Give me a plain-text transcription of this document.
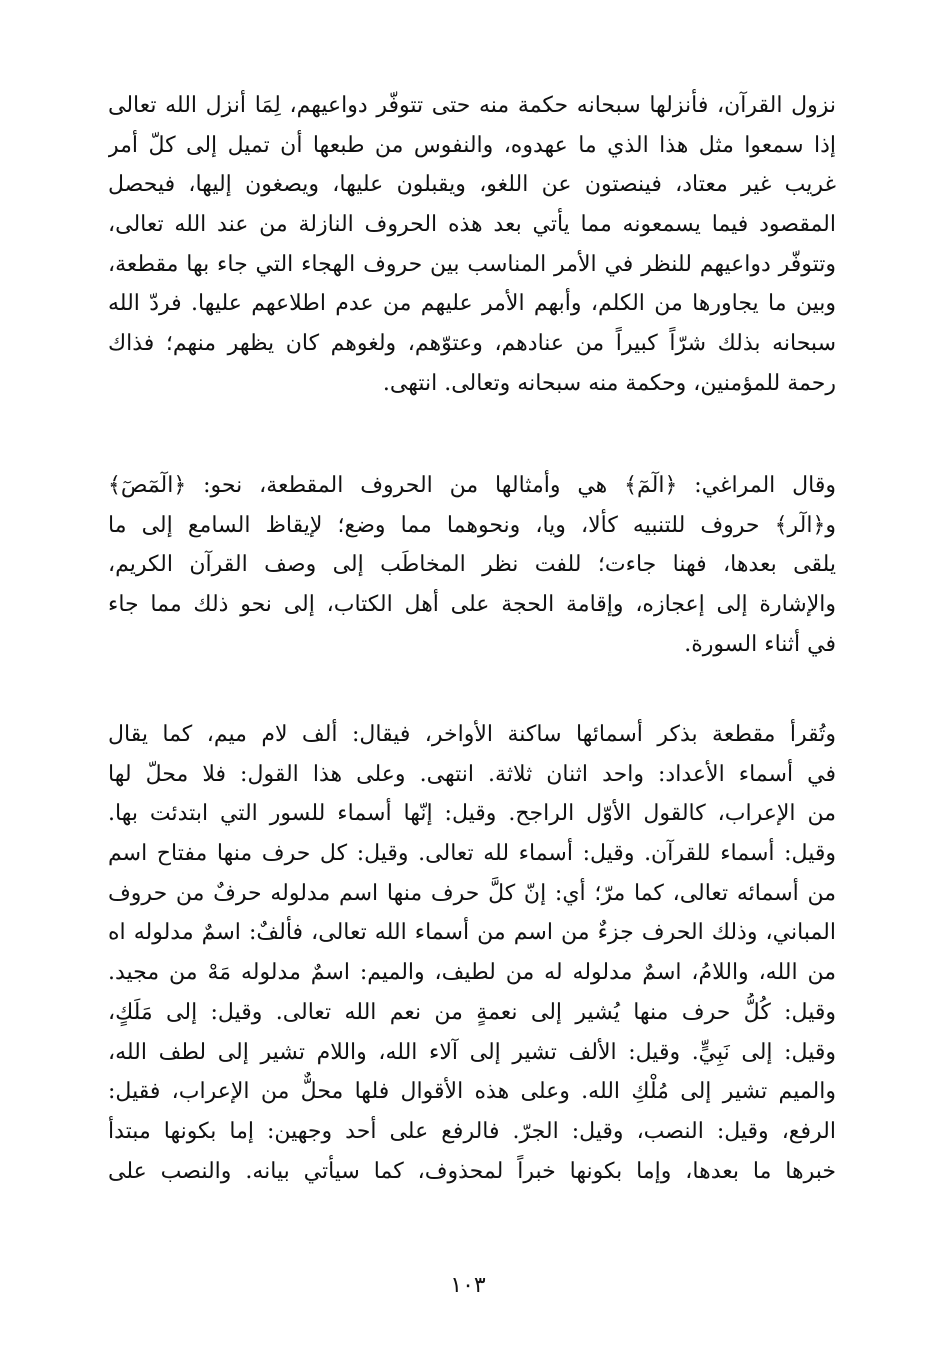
نزول القرآن، فأنزلها سبحانه حكمة منه حتى تتوفّر دواعيهم، لِمَا أنزل الله تعالى
إذا سمعوا مثل هذا الذي ما عهدوه، والنفوس من طبعها أن تميل إلى كلّ أمر
غريب غير معتاد، فينصتون عن اللغو، ويقبلون عليها، ويصغون إليها، فيحصل
المقصود فيما يسمعونه مما يأتي بعد هذه الحروف النازلة من عند الله تعالى،
وتتوفّر دواعيهم للنظر في الأمر المناسب بين حروف الهجاء التي جاء بها مقطعة،
وبين ما يجاورها من الكلم، وأبهم الأمر عليهم من عدم اطلاعهم عليها. فردّ الله
سبحانه بذلك شرّاً كبيراً من عنادهم، وعتوّهم، ولغوهم كان يظهر منهم؛ فذاك
رحمة للمؤمنين، وحكمة منه سبحانه وتعالى. انتهى.
وقال المراغي: ﴿الٓمٓ﴾ هي وأمثالها من الحروف المقطعة، نحو: ﴿الٓمٓصٓ﴾
و﴿الٓر﴾ حروف للتنبيه كألا، ويا، ونحوهما مما وضع؛ لإيقاظ السامع إلى ما
يلقى بعدها، فهنا جاءت؛ للفت نظر المخاطَب إلى وصف القرآن الكريم،
والإشارة إلى إعجازه، وإقامة الحجة على أهل الكتاب، إلى نحو ذلك مما جاء
في أثناء السورة.
وتُقرأ مقطعة بذكر أسمائها ساكنة الأواخر، فيقال: ألف لام ميم، كما يقال
في أسماء الأعداد: واحد اثنان ثلاثة. انتهى. وعلى هذا القول: فلا محلّ لها
من الإعراب، كالقول الأوّل الراجح. وقيل: إنّها أسماء للسور التي ابتدئت بها.
وقيل: أسماء للقرآن. وقيل: أسماء لله تعالى. وقيل: كل حرف منها مفتاح اسم
من أسمائه تعالى، كما مرّ؛ أي: إنّ كلَّ حرف منها اسم مدلوله حرفٌ من حروف
المباني، وذلك الحرف جزءٌ من اسم من أسماء الله تعالى، فألفٌ: اسمٌ مدلوله اه
من الله، واللامُ، اسمٌ مدلوله له من لطيف، والميم: اسمٌ مدلوله مَهْ من مجيد.
وقيل: كُلُّ حرف منها يُشير إلى نعمةٍ من نعم الله تعالى. وقيل: إلى مَلَكٍ،
وقيل: إلى نَبِيٍّ. وقيل: الألف تشير إلى آلاء الله، واللام تشير إلى لطف الله،
والميم تشير إلى مُلْكِ الله. وعلى هذه الأقوال فلها محلٌّ من الإعراب، فقيل:
الرفع، وقيل: النصب، وقيل: الجرّ. فالرفع على أحد وجهين: إما بكونها مبتدأ
خبرها ما بعدها، وإما بكونها خبراً لمحذوف، كما سيأتي بيانه. والنصب على
١٠٣
